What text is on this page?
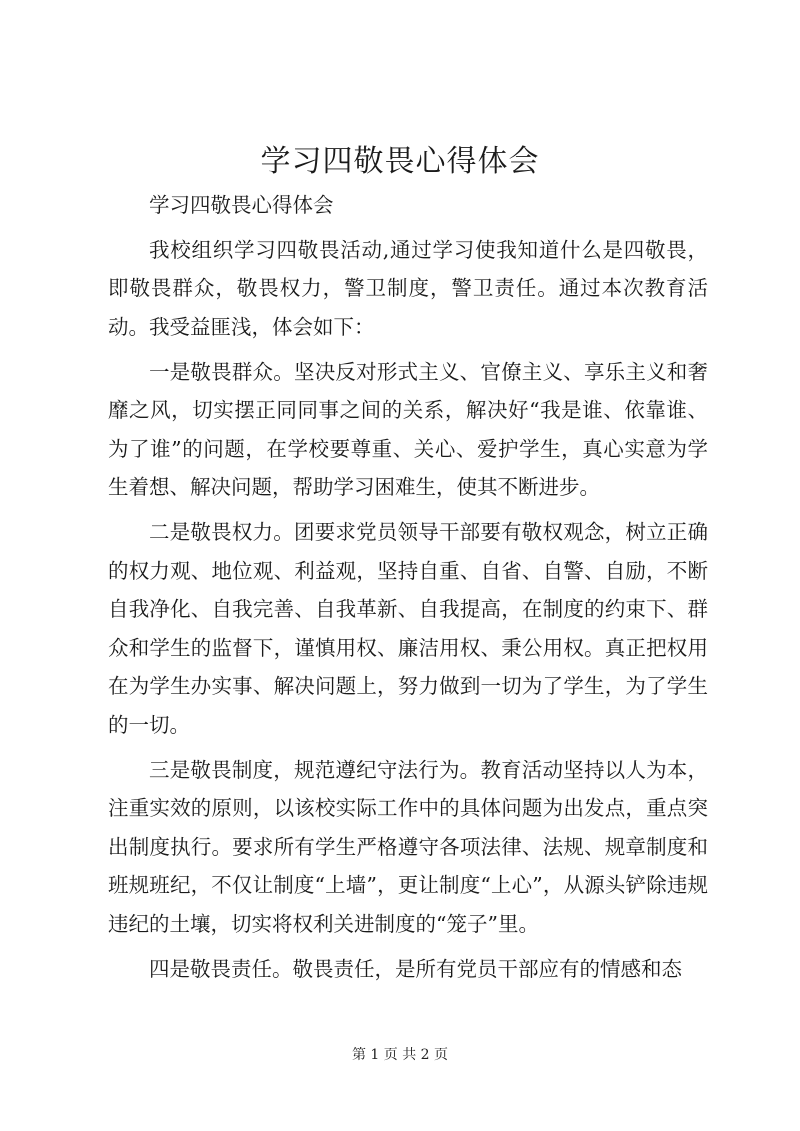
学习四敬畏心得体会

学习四敬畏心得体会

我校组织学习四敬畏活动,通过学习使我知道什么是四敬畏，即敬畏群众，敬畏权力，警卫制度，警卫责任。通过本次教育活动。我受益匪浅，体会如下：

一是敬畏群众。坚决反对形式主义、官僚主义、享乐主义和奢靡之风，切实摆正同同事之间的关系，解决好“我是谁、依靠谁、为了谁”的问题，在学校要尊重、关心、爱护学生，真心实意为学生着想、解决问题，帮助学习困难生，使其不断进步。

二是敬畏权力。团要求党员领导干部要有敬权观念，树立正确的权力观、地位观、利益观，坚持自重、自省、自警、自励，不断自我净化、自我完善、自我革新、自我提高，在制度的约束下、群众和学生的监督下，谨慎用权、廉洁用权、秉公用权。真正把权用在为学生办实事、解决问题上，努力做到一切为了学生，为了学生的一切。

三是敬畏制度，规范遵纪守法行为。教育活动坚持以人为本，注重实效的原则，以该校实际工作中的具体问题为出发点，重点突出制度执行。要求所有学生严格遵守各项法律、法规、规章制度和班规班纪，不仅让制度“上墙”，更让制度“上心”，从源头铲除违规违纪的土壤，切实将权利关进制度的“笼子”里。

四是敬畏责任。敬畏责任，是所有党员干部应有的情感和态

第 1 页 共 2 页
